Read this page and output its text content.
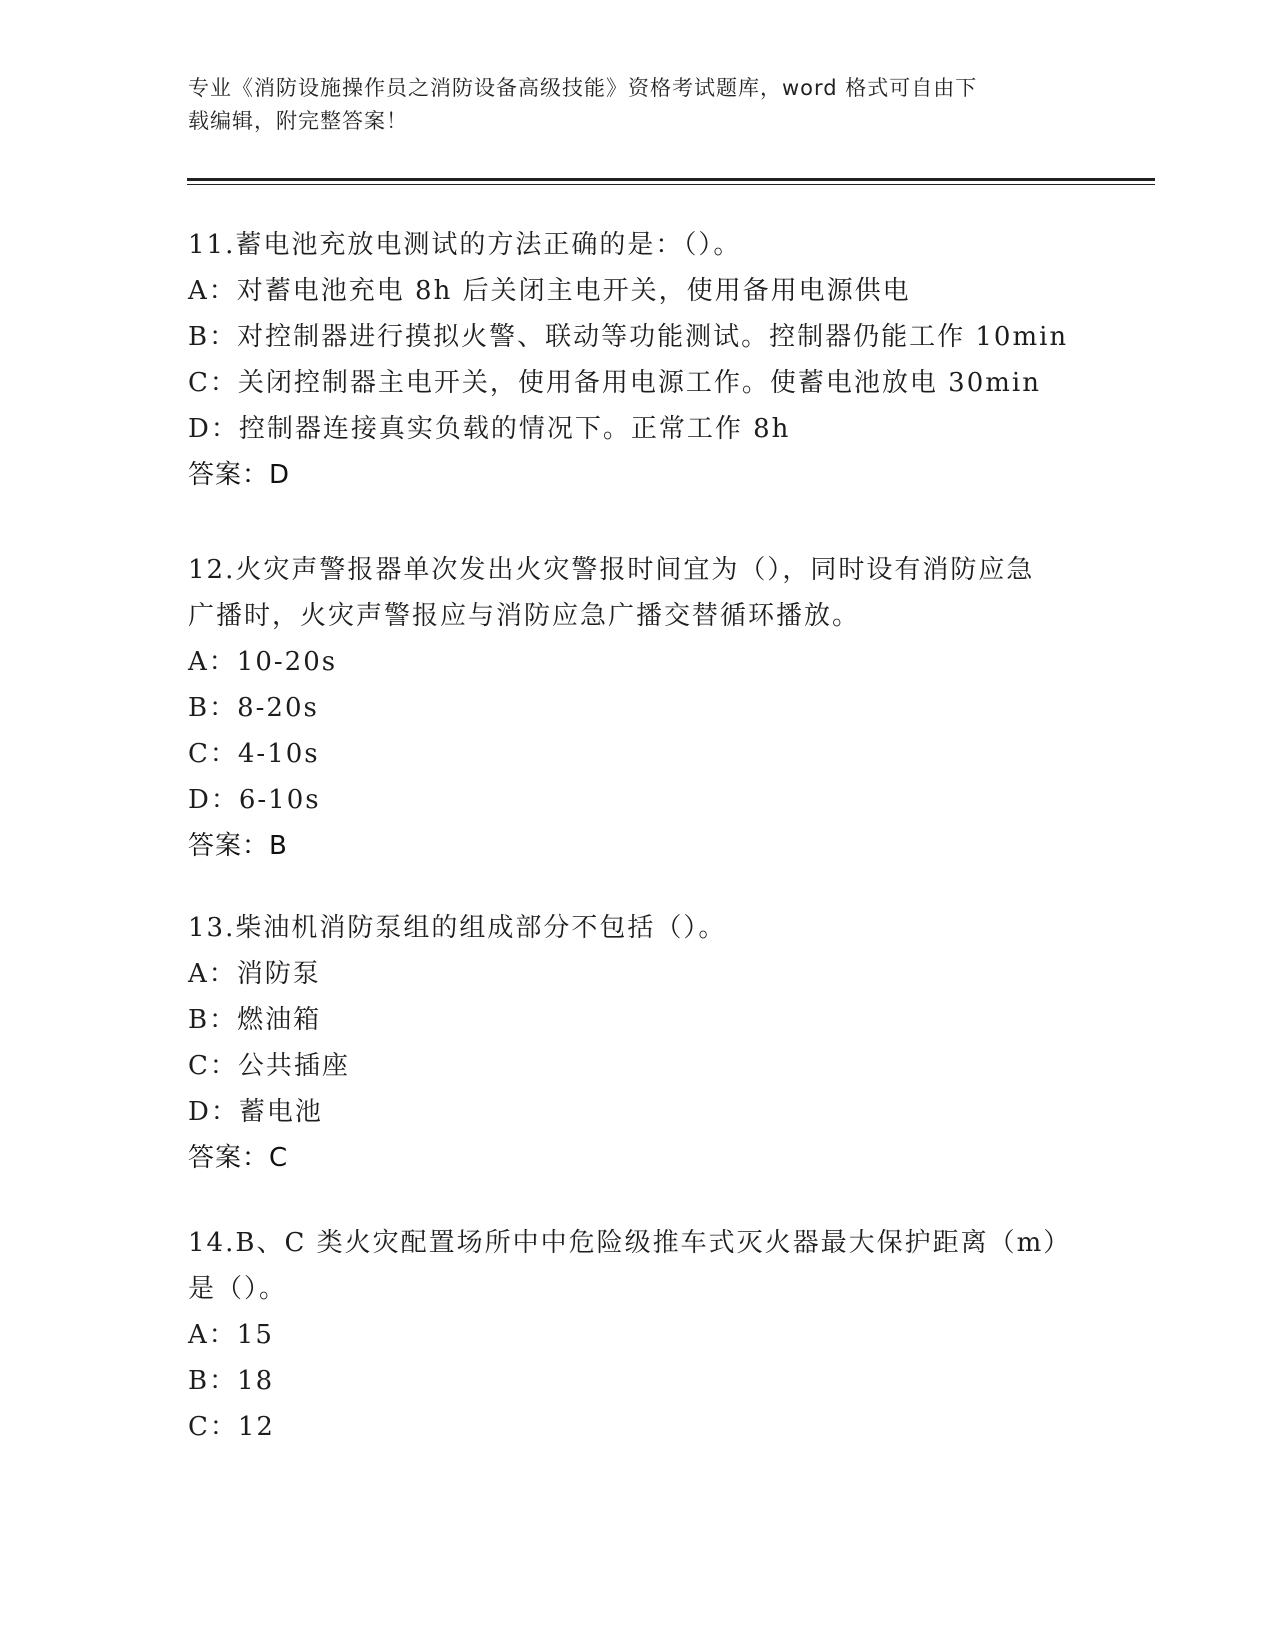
专业《消防设施操作员之消防设备高级技能》资格考试题库，word 格式可自由下
载编辑，附完整答案！
11.蓄电池充放电测试的方法正确的是：（）。
A：对蓄电池充电 8h 后关闭主电开关，使用备用电源供电
B：对控制器进行摸拟火警、联动等功能测试。控制器仍能工作 10min
C：关闭控制器主电开关，使用备用电源工作。使蓄电池放电 30min
D：控制器连接真实负载的情况下。正常工作 8h
答案：D
12.火灾声警报器单次发出火灾警报时间宜为（），同时设有消防应急
广播时，火灾声警报应与消防应急广播交替循环播放。
A：10-20s
B：8-20s
C：4-10s
D：6-10s
答案：B
13.柴油机消防泵组的组成部分不包括（）。
A：消防泵
B：燃油箱
C：公共插座
D：蓄电池
答案：C
14.B、C 类火灾配置场所中中危险级推车式灭火器最大保护距离（m）
是（）。
A：15
B：18
C：12
